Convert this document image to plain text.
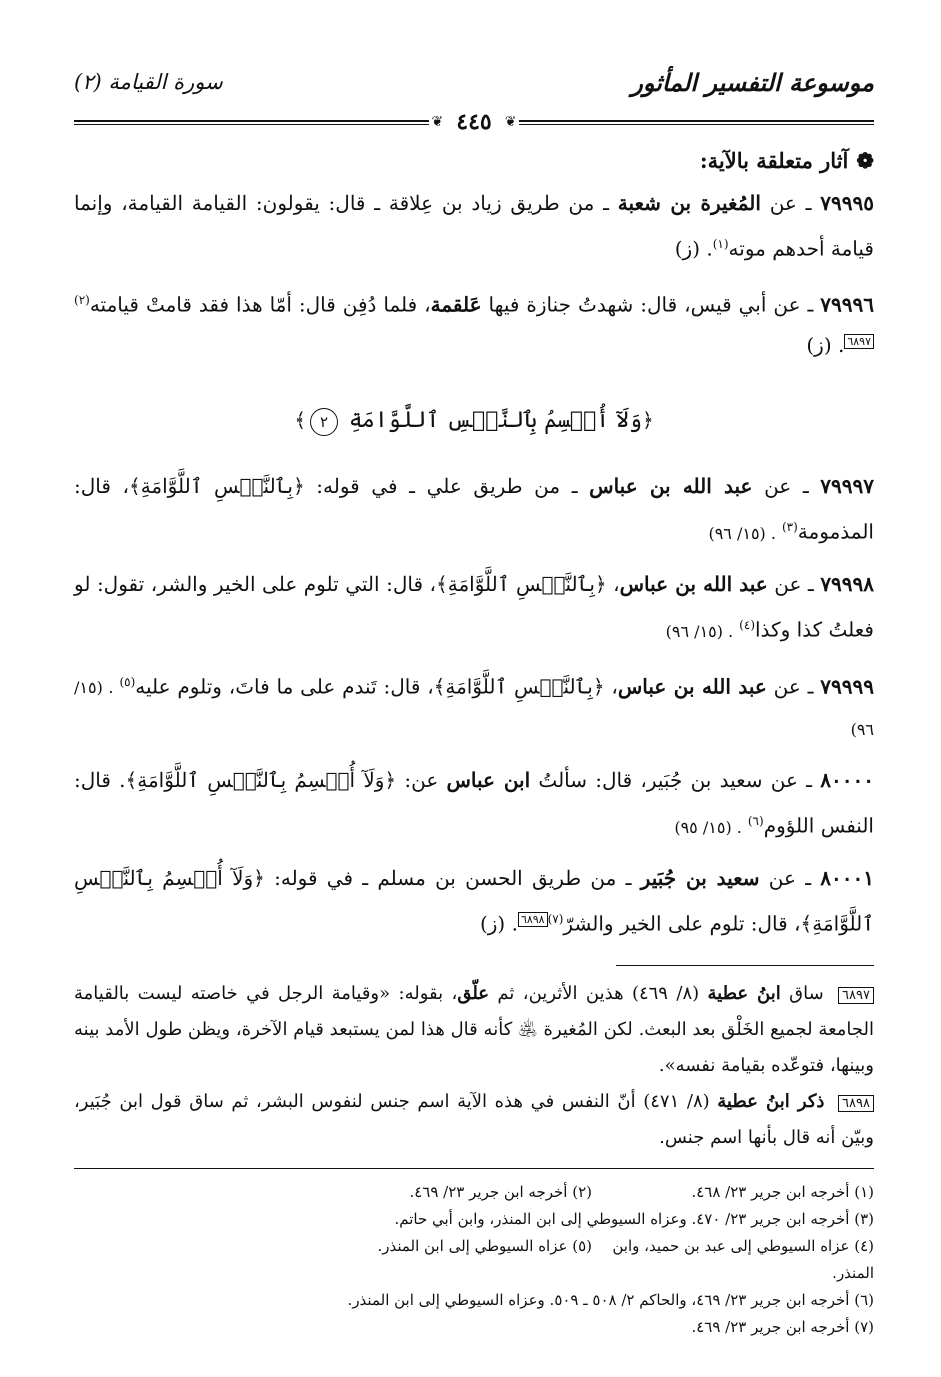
موسوعة التفسير المأثور
سورة القيامة (٢)
❦ ٤٤٥ ❦
❁آثار متعلقة بالآية:
٧٩٩٩٥ ـ عن المُغيرة بن شعبة ـ من طريق زياد بن عِلاقة ـ قال: يقولون: القيامة القيامة، وإنما قيامة أحدهم موته$^{(١)}$. (ز)
٧٩٩٩٦ ـ عن أبي قيس، قال: شهدتُ جنازة فيها عَلقمة، فلما دُفِن قال: أمّا هذا فقد قامتْ قيامته$^{(٢)}$٦٨٩٧. (ز)
﴿وَلَآ أُقۡسِمُ بِٱلنَّفۡسِ ٱللَّوَّامَةِ ٢﴾
٧٩٩٩٧ ـ عن عبد الله بن عباس ـ من طريق علي ـ في قوله: ﴿بِٱلنَّفۡسِ ٱللَّوَّامَةِ﴾، قال: المذمومة$^{(٣)}$. (١٥/ ٩٦)
٧٩٩٩٨ ـ عن عبد الله بن عباس، ﴿بِٱلنَّفۡسِ ٱللَّوَّامَةِ﴾، قال: التي تلوم على الخير والشر، تقول: لو فعلتُ كذا وكذا$^{(٤)}$. (١٥/ ٩٦)
٧٩٩٩٩ ـ عن عبد الله بن عباس، ﴿بِٱلنَّفۡسِ ٱللَّوَّامَةِ﴾، قال: تَندم على ما فاتَ، وتلوم عليه$^{(٥)}$. (١٥/ ٩٦)
٨٠٠٠٠ ـ عن سعيد بن جُبَير، قال: سألتُ ابن عباس عن: ﴿وَلَآ أُقۡسِمُ بِٱلنَّفۡسِ ٱللَّوَّامَةِ﴾. قال: النفس اللؤوم$^{(٦)}$. (١٥/ ٩٥)
٨٠٠٠١ ـ عن سعيد بن جُبَير ـ من طريق الحسن بن مسلم ـ في قوله: ﴿وَلَآ أُقۡسِمُ بِٱلنَّفۡسِ ٱللَّوَّامَةِ﴾، قال: تلوم على الخير والشرّ$^{(٧)}$٦٨٩٨. (ز)
٦٨٩٧ ساق ابنُ عطية (٨/ ٤٦٩) هذين الأثرين، ثم علّق، بقوله: «وقيامة الرجل في خاصته ليست بالقيامة الجامعة لجميع الخَلْق بعد البعث. لكن المُغيرة ﵁ كأنه قال هذا لمن يستبعد قيام الآخرة، ويظن طول الأمد بينه وبينها، فتوعّده بقيامة نفسه».
٦٨٩٨ ذكر ابنُ عطية (٨/ ٤٧١) أنّ النفس في هذه الآية اسم جنس لنفوس البشر، ثم ساق قول ابن جُبَير، وبيّن أنه قال بأنها اسم جنس.
(١) أخرجه ابن جرير ٢٣/ ٤٦٨.
(٢) أخرجه ابن جرير ٢٣/ ٤٦٩.
(٣) أخرجه ابن جرير ٢٣/ ٤٧٠. وعزاه السيوطي إلى ابن المنذر، وابن أبي حاتم.
(٤) عزاه السيوطي إلى عبد بن حميد، وابن المنذر.
(٥) عزاه السيوطي إلى ابن المنذر.
(٦) أخرجه ابن جرير ٢٣/ ٤٦٩، والحاكم ٢/ ٥٠٨ ـ ٥٠٩. وعزاه السيوطي إلى ابن المنذر.
(٧) أخرجه ابن جرير ٢٣/ ٤٦٩.
